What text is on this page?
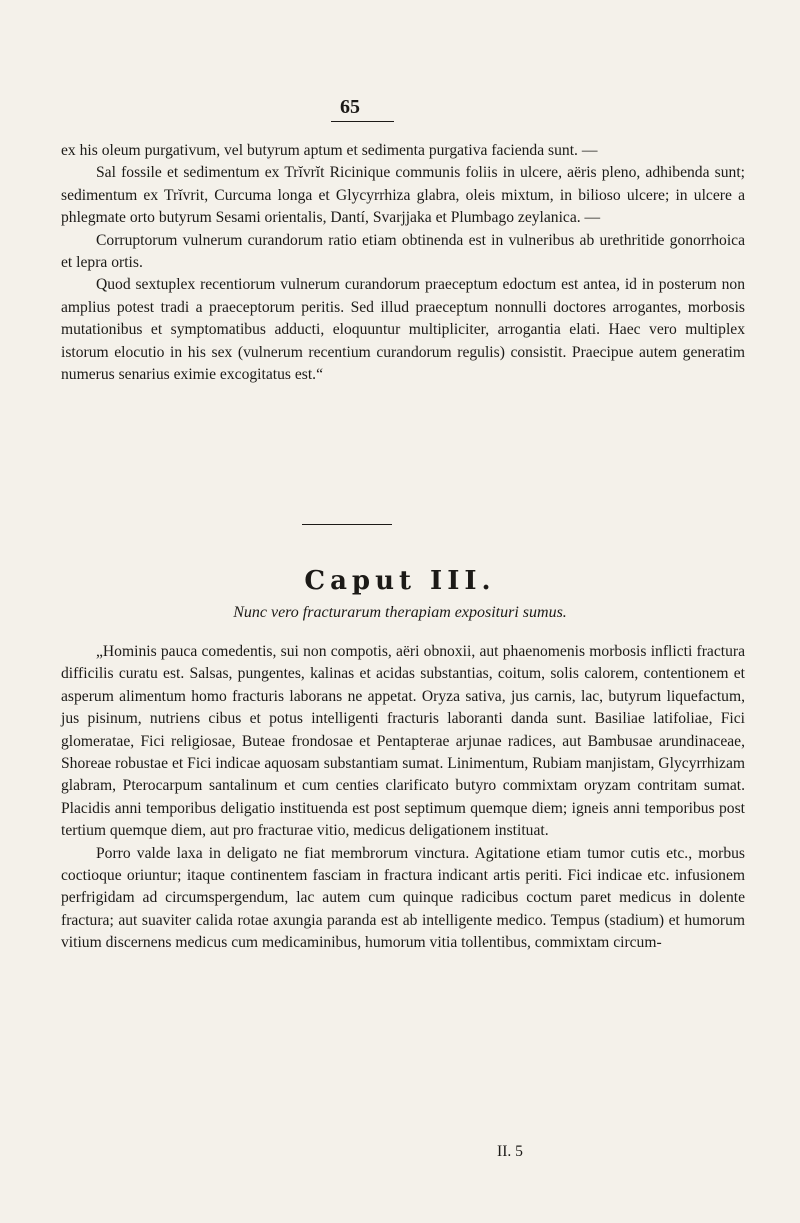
65

ex his oleum purgativum, vel butyrum aptum et sedimenta purgativa facienda sunt. —

Sal fossile et sedimentum ex Trĭvrĭt Ricinique communis foliis in ulcere, aëris pleno, adhibenda sunt; sedimentum ex Trĭvrit, Curcuma longa et Glycyrrhiza glabra, oleis mixtum, in bilioso ulcere; in ulcere a phlegmate orto butyrum Sesami orientalis, Dantí, Svarjjaka et Plumbago zeylanica. —

Corruptorum vulnerum curandorum ratio etiam obtinenda est in vulneribus ab urethritide gonorrhoica et lepra ortis.

Quod sextuplex recentiorum vulnerum curandorum praeceptum edoctum est antea, id in posterum non amplius potest tradi a praeceptorum peritis. Sed illud praeceptum nonnulli doctores arrogantes, morbosis mutationibus et symptomatibus adducti, eloquuntur multipliciter, arrogantia elati. Haec vero multiplex istorum elocutio in his sex (vulnerum recentium curandorum regulis) consistit. Praecipue autem generatim numerus senarius eximie excogitatus est.“

Caput III.
Nunc vero fracturarum therapiam exposituri sumus.

„Hominis pauca comedentis, sui non compotis, aëri obnoxii, aut phaenomenis morbosis inflicti fractura difficilis curatu est. Salsas, pungentes, kalinas et acidas substantias, coitum, solis calorem, contentionem et asperum alimentum homo fracturis laborans ne appetat. Oryza sativa, jus carnis, lac, butyrum liquefactum, jus pisinum, nutriens cibus et potus intelligenti fracturis laboranti danda sunt. Basiliae latifoliae, Fici glomeratae, Fici religiosae, Buteae frondosae et Pentapterae arjunae radices, aut Bambusae arundinaceae, Shoreae robustae et Fici indicae aquosam substantiam sumat. Linimentum, Rubiam manjistam, Glycyrrhizam glabram, Pterocarpum santalinum et cum centies clarificato butyro commixtam oryzam contritam sumat. Placidis anni temporibus deligatio instituenda est post septimum quemque diem; igneis anni temporibus post tertium quemque diem, aut pro fracturae vitio, medicus deligationem instituat.

Porro valde laxa in deligato ne fiat membrorum vinctura. Agitatione etiam tumor cutis etc., morbus coctioque oriuntur; itaque continentem fasciam in fractura indicant artis periti. Fici indicae etc. infusionem perfrigidam ad circumspergendum, lac autem cum quinque radicibus coctum paret medicus in dolente fractura; aut suaviter calida rotae axungia paranda est ab intelligente medico. Tempus (stadium) et humorum vitium discernens medicus cum medicaminibus, humorum vitia tollentibus, commixtam circum-

II. 5
